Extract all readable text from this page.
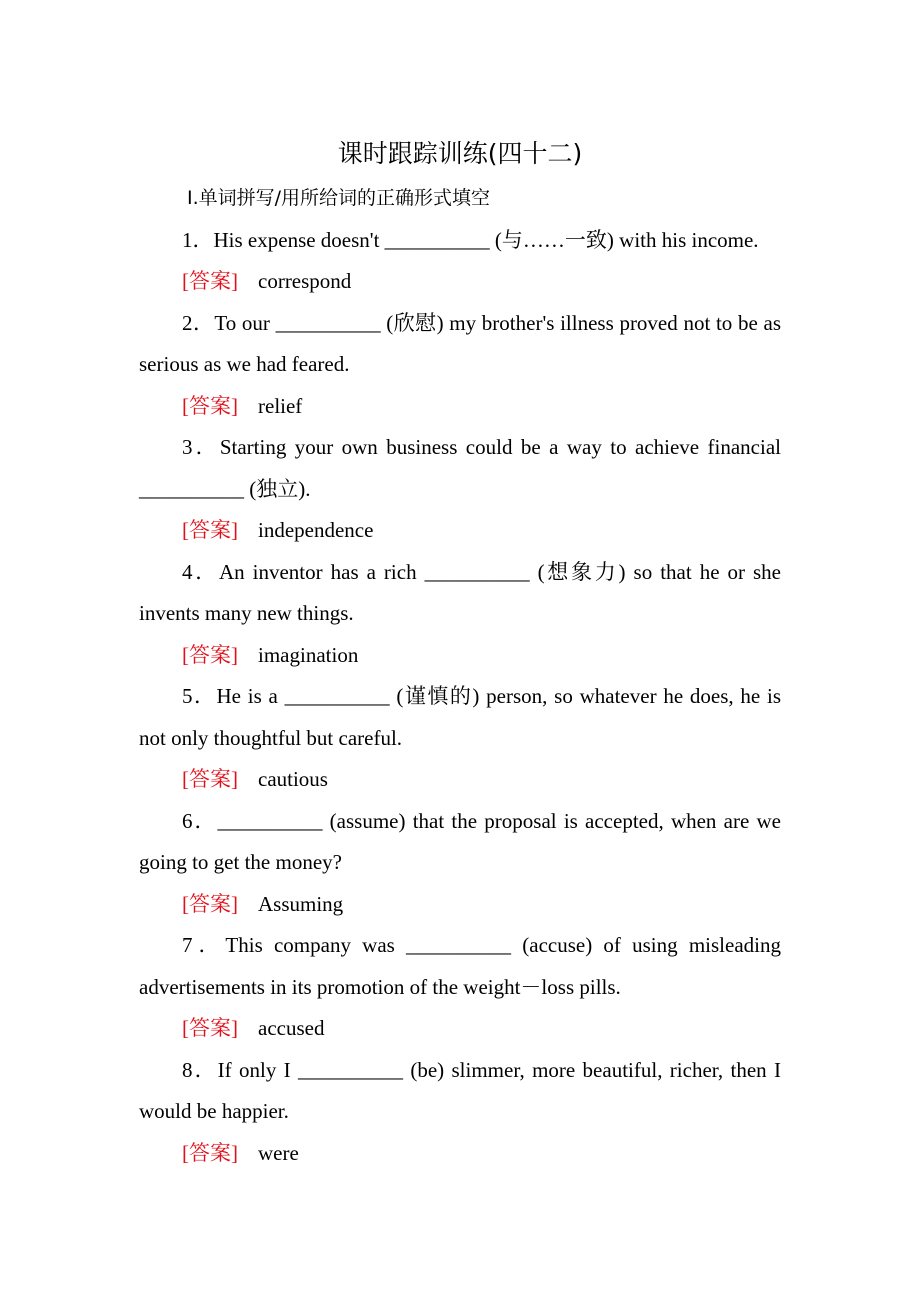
课时跟踪训练(四十二)
Ⅰ.单词拼写/用所给词的正确形式填空

1．His expense doesn't __________ (与……一致) with his income.

[答案] correspond

2．To our __________ (欣慰) my brother's illness proved not to be as serious as we had feared.

[答案] relief

3．Starting your own business could be a way to achieve financial __________ (独立).

[答案] independence

4．An inventor has a rich __________ (想象力) so that he or she invents many new things.

[答案] imagination

5．He is a __________ (谨慎的) person, so whatever he does, he is not only thoughtful but careful.

[答案] cautious

6．__________ (assume) that the proposal is accepted, when are we going to get the money?

[答案] Assuming

7．This company was __________ (accuse) of using misleading advertisements in its promotion of the weight－loss pills.

[答案] accused

8．If only I __________ (be) slimmer, more beautiful, richer, then I would be happier.

[答案] were
